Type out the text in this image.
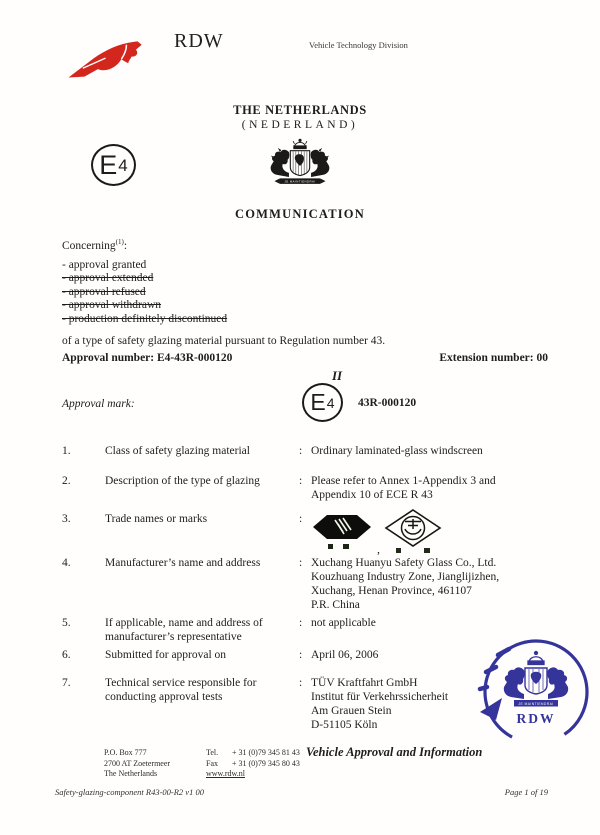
RDW	Vehicle Technology Division
E 4
THE NETHERLANDS
(NEDERLAND)
JE MAINTIENDRAI
COMMUNICATION
Concerning$^{(1)}$:
- approval granted
- approval extended
- approval refused
- approval withdrawn
- production definitely discontinued
of a type of safety glazing material pursuant to Regulation number 43.
Approval number: E4-43R-000120	Extension number: 00
Approval mark:
II
E 4 43R-000120
1.	Class of safety glazing material	: Ordinary laminated-glass windscreen
2.	Description of the type of glazing	: Please refer to Annex 1-Appendix 3 and
Appendix 10 of ECE R 43
3.	Trade names or marks	:
,
4.	Manufacturer’s name and address	: Xuchang Huanyu Safety Glass Co., Ltd.
Kouzhuang Industry Zone, Jianglijizhen,
Xuchang, Henan Province, 461107
P.R. China
5.	If applicable, name and address of manufacturer’s representative
: not applicable
6.	Submitted for approval on	: April 06, 2006
7.	Technical service responsible for conducting approval tests
: TÜV Kraftfahrt GmbH
Institut für Verkehrssicherheit
Am Grauen Stein
D-51105 Köln
JE MAINTIENDRAI
RDW
P.O. Box 777
2700 AT Zoetermeer
The Netherlands
Tel.	+ 31 (0)79 345 81 43
Fax	+ 31 (0)79 345 80 43
www.rdw.nl
Vehicle Approval and Information
Safety-glazing-component R43-00-R2 v1 00	Page 1 of 19
